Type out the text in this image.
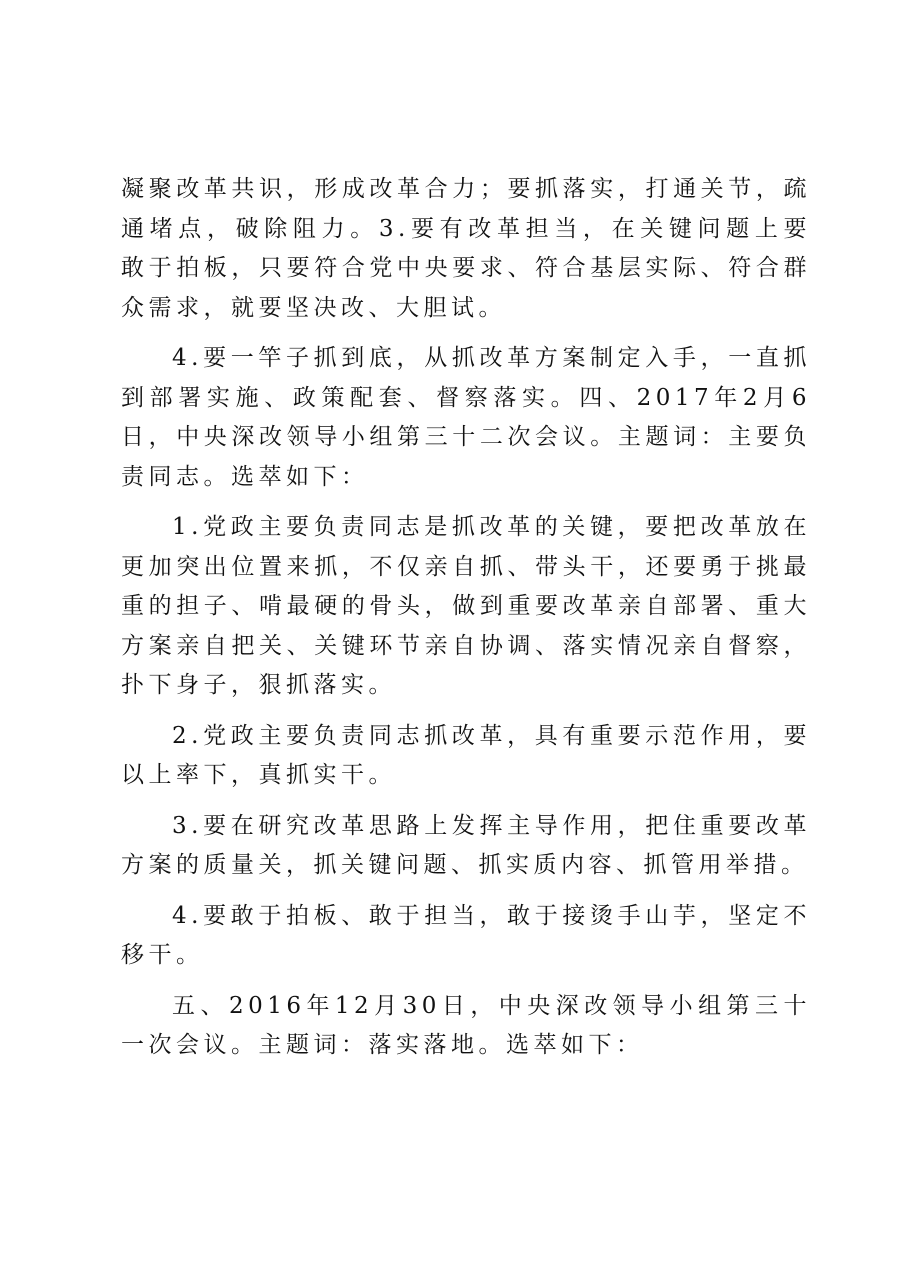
凝聚改革共识，形成改革合力；要抓落实，打通关节，疏通堵点，破除阻力。3.要有改革担当，在关键问题上要敢于拍板，只要符合党中央要求、符合基层实际、符合群众需求，就要坚决改、大胆试。

4.要一竿子抓到底，从抓改革方案制定入手，一直抓到部署实施、政策配套、督察落实。四、2017年2月6日，中央深改领导小组第三十二次会议。主题词：主要负责同志。选萃如下：

1.党政主要负责同志是抓改革的关键，要把改革放在更加突出位置来抓，不仅亲自抓、带头干，还要勇于挑最重的担子、啃最硬的骨头，做到重要改革亲自部署、重大方案亲自把关、关键环节亲自协调、落实情况亲自督察，扑下身子，狠抓落实。

2.党政主要负责同志抓改革，具有重要示范作用，要以上率下，真抓实干。

3.要在研究改革思路上发挥主导作用，把住重要改革方案的质量关，抓关键问题、抓实质内容、抓管用举措。

4.要敢于拍板、敢于担当，敢于接烫手山芋，坚定不移干。

五、2016年12月30日，中央深改领导小组第三十一次会议。主题词：落实落地。选萃如下：
